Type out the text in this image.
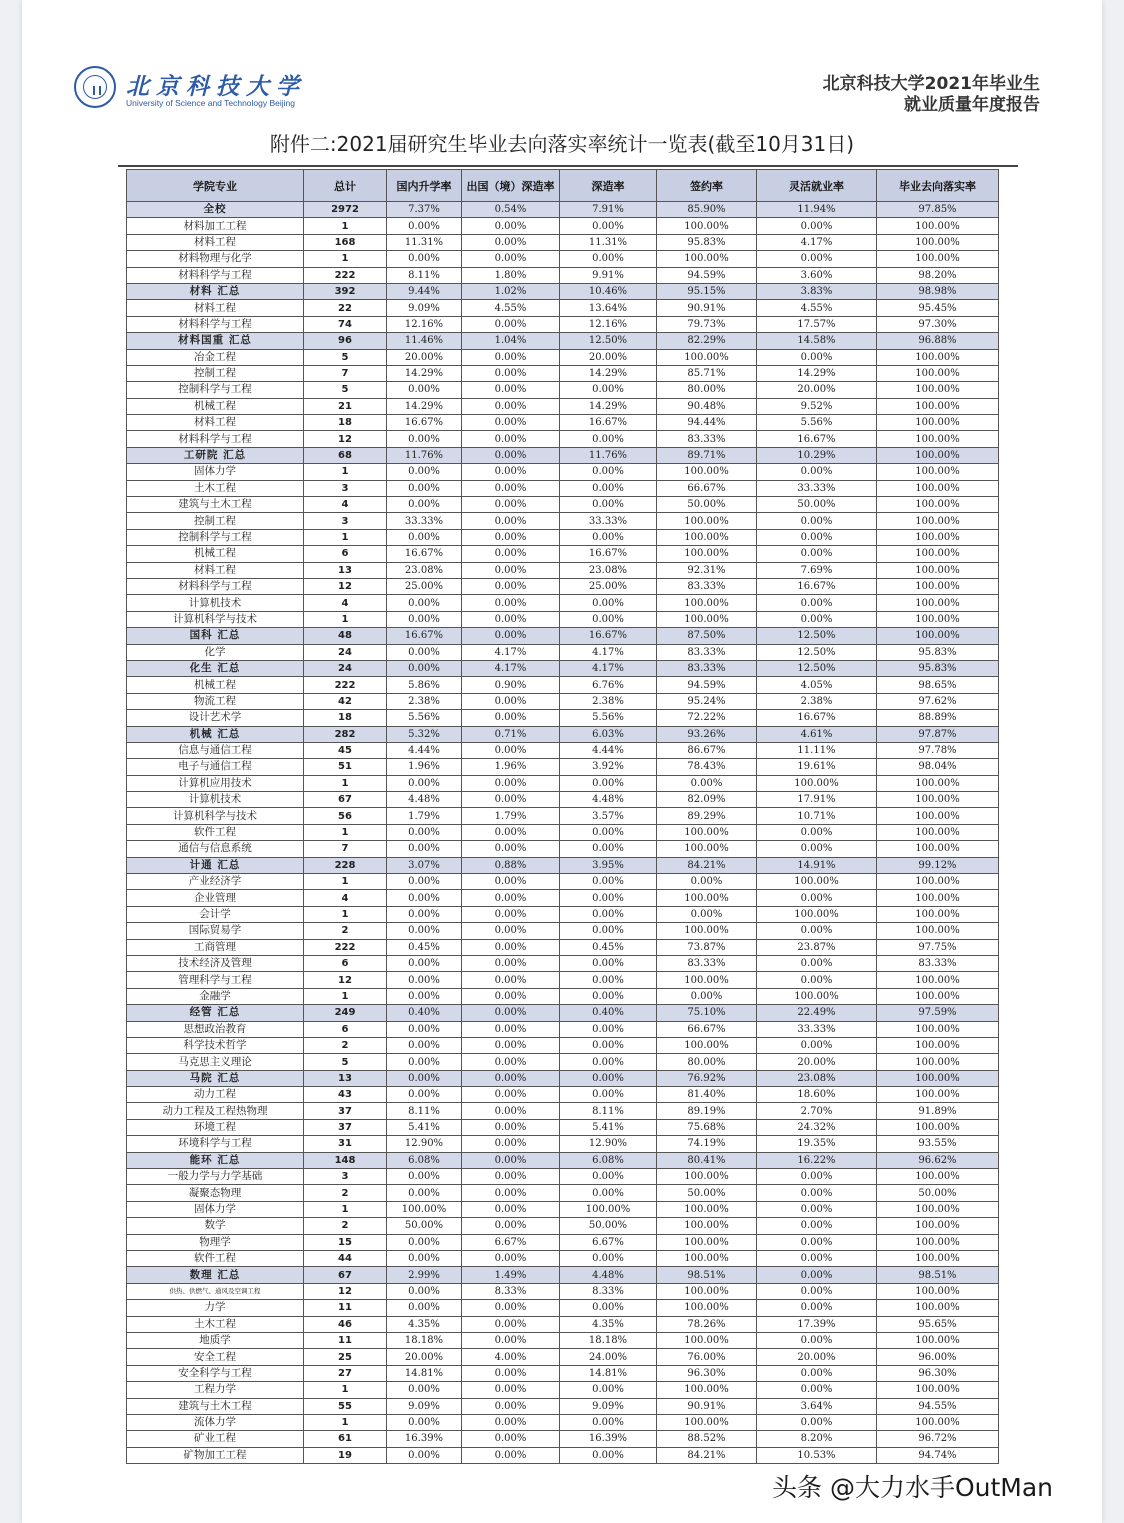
北京科技大学
University of Science and Technology Beijing
北京科技大学2021年毕业生
就业质量年度报告
附件二:2021届研究生毕业去向落实率统计一览表(截至10月31日)
学院专业	总计	国内升学率	出国（境）深造率	深造率	签约率	灵活就业率	毕业去向落实率
全校	2972	7.37%	0.54%	7.91%	85.90%	11.94%	97.85%
材料加工工程	1	0.00%	0.00%	0.00%	100.00%	0.00%	100.00%
材料工程	168	11.31%	0.00%	11.31%	95.83%	4.17%	100.00%
材料物理与化学	1	0.00%	0.00%	0.00%	100.00%	0.00%	100.00%
材料科学与工程	222	8.11%	1.80%	9.91%	94.59%	3.60%	98.20%
材料 汇总	392	9.44%	1.02%	10.46%	95.15%	3.83%	98.98%
材料工程	22	9.09%	4.55%	13.64%	90.91%	4.55%	95.45%
材料科学与工程	74	12.16%	0.00%	12.16%	79.73%	17.57%	97.30%
材料国重 汇总	96	11.46%	1.04%	12.50%	82.29%	14.58%	96.88%
冶金工程	5	20.00%	0.00%	20.00%	100.00%	0.00%	100.00%
控制工程	7	14.29%	0.00%	14.29%	85.71%	14.29%	100.00%
控制科学与工程	5	0.00%	0.00%	0.00%	80.00%	20.00%	100.00%
机械工程	21	14.29%	0.00%	14.29%	90.48%	9.52%	100.00%
材料工程	18	16.67%	0.00%	16.67%	94.44%	5.56%	100.00%
材料科学与工程	12	0.00%	0.00%	0.00%	83.33%	16.67%	100.00%
工研院 汇总	68	11.76%	0.00%	11.76%	89.71%	10.29%	100.00%
固体力学	1	0.00%	0.00%	0.00%	100.00%	0.00%	100.00%
土木工程	3	0.00%	0.00%	0.00%	66.67%	33.33%	100.00%
建筑与土木工程	4	0.00%	0.00%	0.00%	50.00%	50.00%	100.00%
控制工程	3	33.33%	0.00%	33.33%	100.00%	0.00%	100.00%
控制科学与工程	1	0.00%	0.00%	0.00%	100.00%	0.00%	100.00%
机械工程	6	16.67%	0.00%	16.67%	100.00%	0.00%	100.00%
材料工程	13	23.08%	0.00%	23.08%	92.31%	7.69%	100.00%
材料科学与工程	12	25.00%	0.00%	25.00%	83.33%	16.67%	100.00%
计算机技术	4	0.00%	0.00%	0.00%	100.00%	0.00%	100.00%
计算机科学与技术	1	0.00%	0.00%	0.00%	100.00%	0.00%	100.00%
国科 汇总	48	16.67%	0.00%	16.67%	87.50%	12.50%	100.00%
化学	24	0.00%	4.17%	4.17%	83.33%	12.50%	95.83%
化生 汇总	24	0.00%	4.17%	4.17%	83.33%	12.50%	95.83%
机械工程	222	5.86%	0.90%	6.76%	94.59%	4.05%	98.65%
物流工程	42	2.38%	0.00%	2.38%	95.24%	2.38%	97.62%
设计艺术学	18	5.56%	0.00%	5.56%	72.22%	16.67%	88.89%
机械 汇总	282	5.32%	0.71%	6.03%	93.26%	4.61%	97.87%
信息与通信工程	45	4.44%	0.00%	4.44%	86.67%	11.11%	97.78%
电子与通信工程	51	1.96%	1.96%	3.92%	78.43%	19.61%	98.04%
计算机应用技术	1	0.00%	0.00%	0.00%	0.00%	100.00%	100.00%
计算机技术	67	4.48%	0.00%	4.48%	82.09%	17.91%	100.00%
计算机科学与技术	56	1.79%	1.79%	3.57%	89.29%	10.71%	100.00%
软件工程	1	0.00%	0.00%	0.00%	100.00%	0.00%	100.00%
通信与信息系统	7	0.00%	0.00%	0.00%	100.00%	0.00%	100.00%
计通 汇总	228	3.07%	0.88%	3.95%	84.21%	14.91%	99.12%
产业经济学	1	0.00%	0.00%	0.00%	0.00%	100.00%	100.00%
企业管理	4	0.00%	0.00%	0.00%	100.00%	0.00%	100.00%
会计学	1	0.00%	0.00%	0.00%	0.00%	100.00%	100.00%
国际贸易学	2	0.00%	0.00%	0.00%	100.00%	0.00%	100.00%
工商管理	222	0.45%	0.00%	0.45%	73.87%	23.87%	97.75%
技术经济及管理	6	0.00%	0.00%	0.00%	83.33%	0.00%	83.33%
管理科学与工程	12	0.00%	0.00%	0.00%	100.00%	0.00%	100.00%
金融学	1	0.00%	0.00%	0.00%	0.00%	100.00%	100.00%
经管 汇总	249	0.40%	0.00%	0.40%	75.10%	22.49%	97.59%
思想政治教育	6	0.00%	0.00%	0.00%	66.67%	33.33%	100.00%
科学技术哲学	2	0.00%	0.00%	0.00%	100.00%	0.00%	100.00%
马克思主义理论	5	0.00%	0.00%	0.00%	80.00%	20.00%	100.00%
马院 汇总	13	0.00%	0.00%	0.00%	76.92%	23.08%	100.00%
动力工程	43	0.00%	0.00%	0.00%	81.40%	18.60%	100.00%
动力工程及工程热物理	37	8.11%	0.00%	8.11%	89.19%	2.70%	91.89%
环境工程	37	5.41%	0.00%	5.41%	75.68%	24.32%	100.00%
环境科学与工程	31	12.90%	0.00%	12.90%	74.19%	19.35%	93.55%
能环 汇总	148	6.08%	0.00%	6.08%	80.41%	16.22%	96.62%
一般力学与力学基础	3	0.00%	0.00%	0.00%	100.00%	0.00%	100.00%
凝聚态物理	2	0.00%	0.00%	0.00%	50.00%	0.00%	50.00%
固体力学	1	100.00%	0.00%	100.00%	100.00%	0.00%	100.00%
数学	2	50.00%	0.00%	50.00%	100.00%	0.00%	100.00%
物理学	15	0.00%	6.67%	6.67%	100.00%	0.00%	100.00%
软件工程	44	0.00%	0.00%	0.00%	100.00%	0.00%	100.00%
数理 汇总	67	2.99%	1.49%	4.48%	98.51%	0.00%	98.51%
供热、供燃气、通风及空调工程	12	0.00%	8.33%	8.33%	100.00%	0.00%	100.00%
力学	11	0.00%	0.00%	0.00%	100.00%	0.00%	100.00%
土木工程	46	4.35%	0.00%	4.35%	78.26%	17.39%	95.65%
地质学	11	18.18%	0.00%	18.18%	100.00%	0.00%	100.00%
安全工程	25	20.00%	4.00%	24.00%	76.00%	20.00%	96.00%
安全科学与工程	27	14.81%	0.00%	14.81%	96.30%	0.00%	96.30%
工程力学	1	0.00%	0.00%	0.00%	100.00%	0.00%	100.00%
建筑与土木工程	55	9.09%	0.00%	9.09%	90.91%	3.64%	94.55%
流体力学	1	0.00%	0.00%	0.00%	100.00%	0.00%	100.00%
矿业工程	61	16.39%	0.00%	16.39%	88.52%	8.20%	96.72%
矿物加工工程	19	0.00%	0.00%	0.00%	84.21%	10.53%	94.74%
头条 @大力水手OutMan
